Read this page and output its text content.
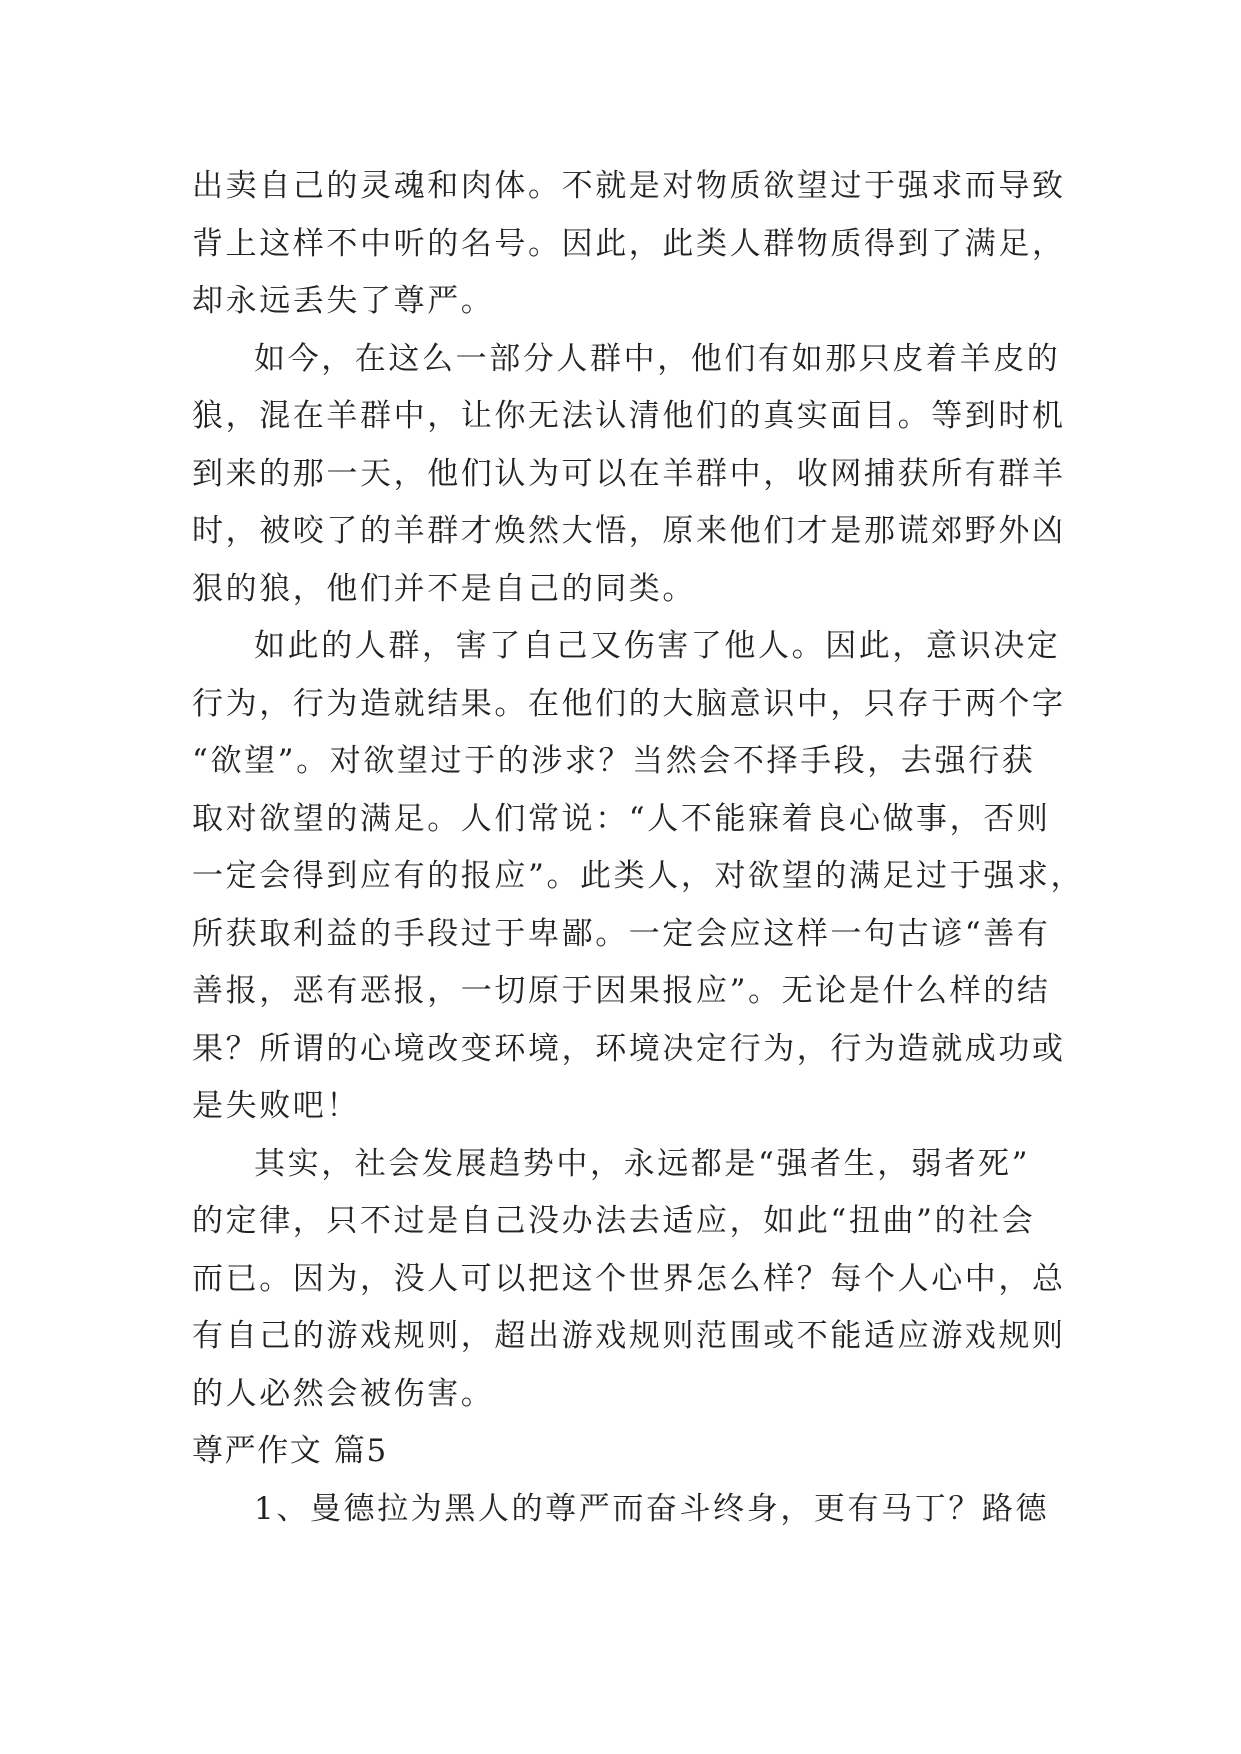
出卖自己的灵魂和肉体。不就是对物质欲望过于强求而导致
背上这样不中听的名号。因此，此类人群物质得到了满足，
却永远丢失了尊严。
如今，在这么一部分人群中，他们有如那只皮着羊皮的
狼，混在羊群中，让你无法认清他们的真实面目。等到时机
到来的那一天，他们认为可以在羊群中，收网捕获所有群羊
时，被咬了的羊群才焕然大悟，原来他们才是那谎郊野外凶
狠的狼，他们并不是自己的同类。
如此的人群，害了自己又伤害了他人。因此，意识决定
行为，行为造就结果。在他们的大脑意识中，只存于两个字
“欲望”。对欲望过于的涉求？当然会不择手段，去强行获
取对欲望的满足。人们常说：“人不能寐着良心做事，否则
一定会得到应有的报应”。此类人，对欲望的满足过于强求，
所获取利益的手段过于卑鄙。一定会应这样一句古谚“善有
善报，恶有恶报，一切原于因果报应”。无论是什么样的结
果？所谓的心境改变环境，环境决定行为，行为造就成功或
是失败吧！
其实，社会发展趋势中，永远都是“强者生，弱者死”
的定律，只不过是自己没办法去适应，如此“扭曲”的社会
而已。因为，没人可以把这个世界怎么样？每个人心中，总
有自己的游戏规则，超出游戏规则范围或不能适应游戏规则
的人必然会被伤害。
尊严作文 篇5
1、曼德拉为黑人的尊严而奋斗终身，更有马丁？路德
